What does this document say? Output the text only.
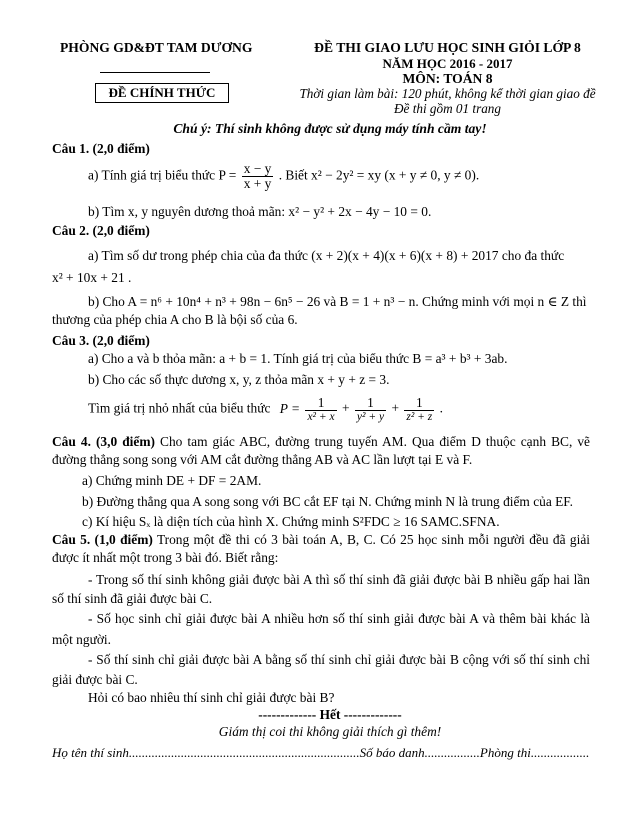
PHÒNG GD&ĐT TAM DƯƠNG
ĐỀ CHÍNH THỨC
ĐỀ THI GIAO LƯU HỌC SINH GIỎI LỚP 8
NĂM HỌC 2016 - 2017
MÔN: TOÁN 8
Thời gian làm bài: 120 phút, không kể thời gian giao đề
Đề thi gồm 01 trang
Chú ý: Thí sinh không được sử dụng máy tính cầm tay!
Câu 1. (2,0 điểm)
a) Tính giá trị biểu thức $P = \frac{x - y}{x + y}$ . Biết x² − 2y² = xy (x + y ≠ 0, y ≠ 0).
b) Tìm x, y nguyên dương thoả mãn: x² − y² + 2x − 4y − 10 = 0.
Câu 2. (2,0 điểm)
a) Tìm số dư trong phép chia của đa thức (x + 2)(x + 4)(x + 6)(x + 8) + 2017 cho đa thức
x² + 10x + 21 .
b) Cho A = n⁶ + 10n⁴ + n³ + 98n − 6n⁵ − 26 và B = 1 + n³ − n. Chứng minh với mọi n ∈ Z thì
thương của phép chia A cho B là bội số của 6.
Câu 3. (2,0 điểm)
a) Cho a và b thỏa mãn: a + b = 1. Tính giá trị của biểu thức B = a³ + b³ + 3ab.
b) Cho các số thực dương x, y, z thỏa mãn x + y + z = 3.
Tìm giá trị nhỏ nhất của biểu thức $P = \frac{1}{\text{x² + x}} + \frac{1}{\text{y² + y}} + \frac{1}{\text{z² + z}}$ .
Câu 4. (3,0 điểm) Cho tam giác ABC, đường trung tuyến AM. Qua điểm D thuộc cạnh BC, vẽ đường thẳng song song với AM cắt đường thẳng AB và AC lần lượt tại E và F.
a) Chứng minh DE + DF = 2AM.
b) Đường thẳng qua A song song với BC cắt EF tại N. Chứng minh N là trung điểm của EF.
c) Kí hiệu Sₓ là diện tích của hình X. Chứng minh S²FDC ≥ 16 SAMC.SFNA.
Câu 5. (1,0 điểm) Trong một đề thi có 3 bài toán A, B, C. Có 25 học sinh mỗi người đều đã giải được ít nhất một trong 3 bài đó. Biết rằng:
- Trong số thí sinh không giải được bài A thì số thí sinh đã giải được bài B nhiều gấp hai lần số thí sinh đã giải được bài C.
- Số học sinh chỉ giải được bài A nhiều hơn số thí sinh giải được bài A và thêm bài khác là một người.
- Số thí sinh chỉ giải được bài A bằng số thí sinh chỉ giải được bài B cộng với số thí sinh chỉ giải được bài C.
Hỏi có bao nhiêu thí sinh chỉ giải được bài B?
------------- Hết -------------
Giám thị coi thi không giải thích gì thêm!
Họ tên thí sinh.......................................................................Số báo danh.................Phòng thi..................
